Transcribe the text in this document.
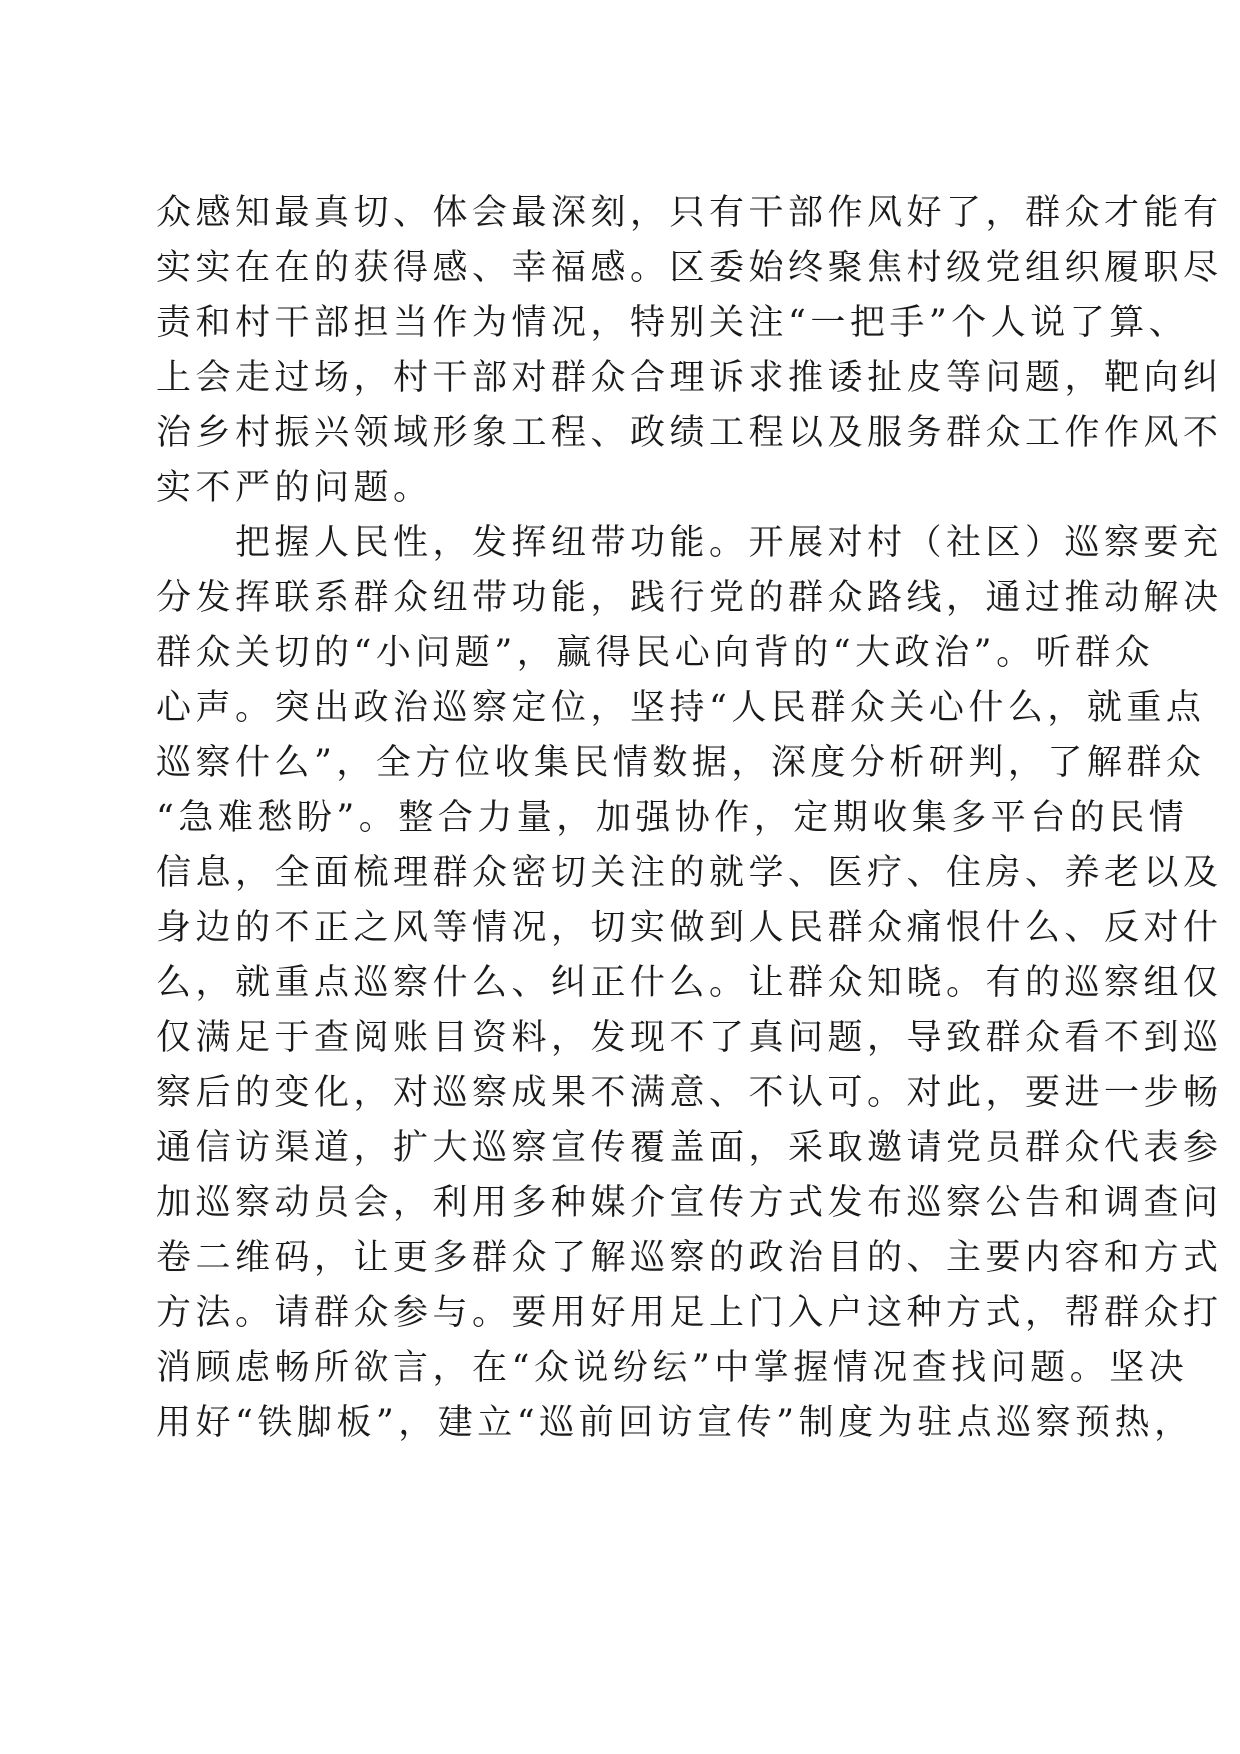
众感知最真切、体会最深刻，只有干部作风好了，群众才能有
实实在在的获得感、幸福感。区委始终聚焦村级党组织履职尽
责和村干部担当作为情况，特别关注“一把手”个人说了算、
上会走过场，村干部对群众合理诉求推诿扯皮等问题，靶向纠
治乡村振兴领域形象工程、政绩工程以及服务群众工作作风不
实不严的问题。
　　把握人民性，发挥纽带功能。开展对村（社区）巡察要充
分发挥联系群众纽带功能，践行党的群众路线，通过推动解决
群众关切的“小问题”，赢得民心向背的“大政治”。听群众
心声。突出政治巡察定位，坚持“人民群众关心什么，就重点
巡察什么”，全方位收集民情数据，深度分析研判，了解群众
“急难愁盼”。整合力量，加强协作，定期收集多平台的民情
信息，全面梳理群众密切关注的就学、医疗、住房、养老以及
身边的不正之风等情况，切实做到人民群众痛恨什么、反对什
么，就重点巡察什么、纠正什么。让群众知晓。有的巡察组仅
仅满足于查阅账目资料，发现不了真问题，导致群众看不到巡
察后的变化，对巡察成果不满意、不认可。对此，要进一步畅
通信访渠道，扩大巡察宣传覆盖面，采取邀请党员群众代表参
加巡察动员会，利用多种媒介宣传方式发布巡察公告和调查问
卷二维码，让更多群众了解巡察的政治目的、主要内容和方式
方法。请群众参与。要用好用足上门入户这种方式，帮群众打
消顾虑畅所欲言，在“众说纷纭”中掌握情况查找问题。坚决
用好“铁脚板”，建立“巡前回访宣传”制度为驻点巡察预热，
